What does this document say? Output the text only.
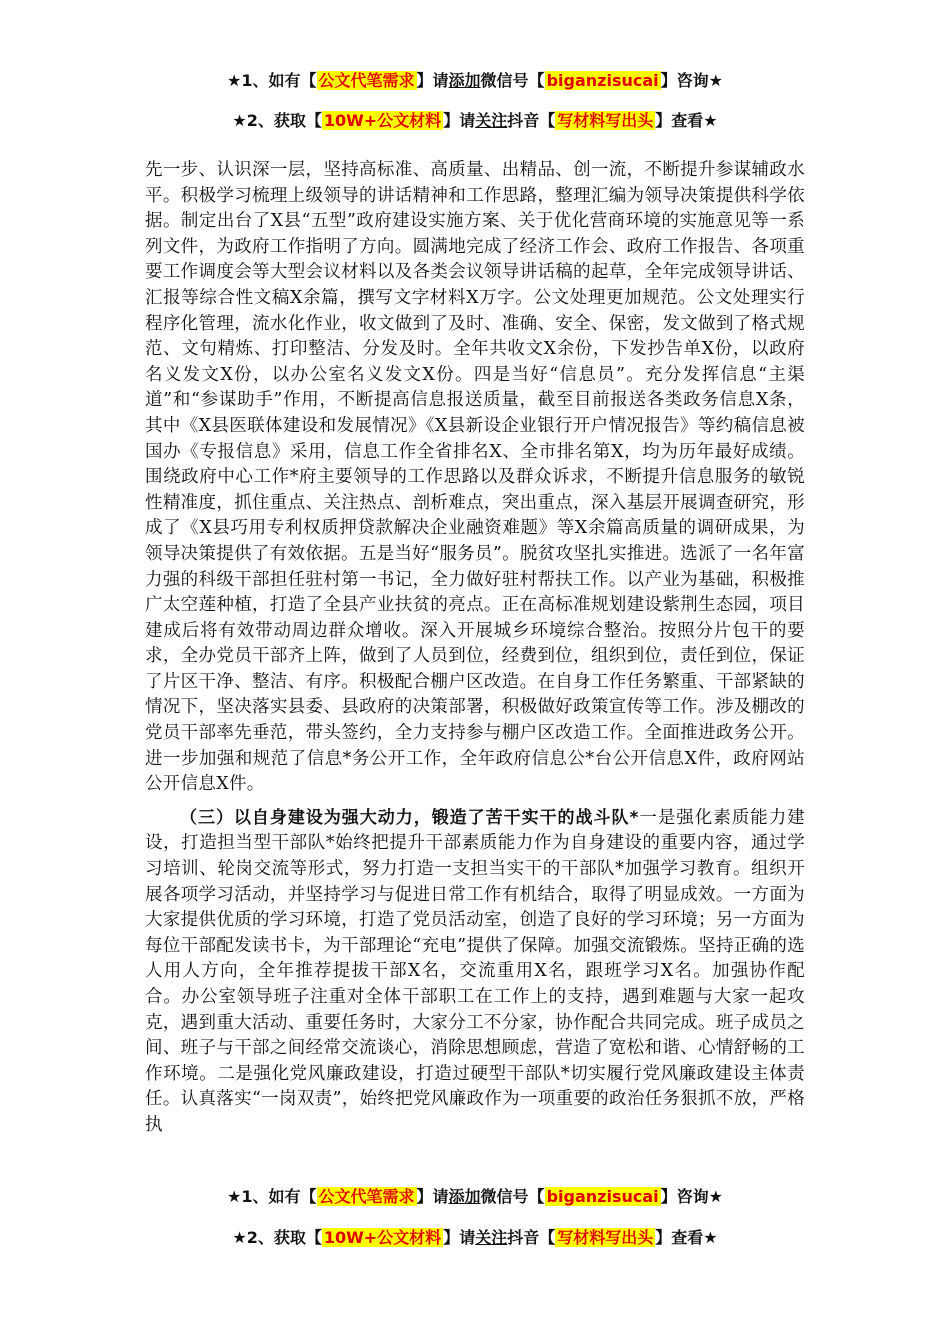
★1、如有【 公文代笔需求 】请添加微信号【 biganzisucai 】咨询★
★2、获取【 10W+公文材料 】请关注抖音【 写材料写出头 】查看★

先一步、认识深一层，坚持高标准、高质量、出精品、创一流，不断提升参谋辅政水平。积极学习梳理上级领导的讲话精神和工作思路，整理汇编为领导决策提供科学依据。制定出台了X县“五型”政府建设实施方案、关于优化营商环境的实施意见等一系列文件，为政府工作指明了方向。圆满地完成了经济工作会、政府工作报告、各项重要工作调度会等大型会议材料以及各类会议领导讲话稿的起草，全年完成领导讲话、汇报等综合性文稿X余篇，撰写文字材料X万字。公文处理更加规范。公文处理实行程序化管理，流水化作业，收文做到了及时、准确、安全、保密，发文做到了格式规范、文句精炼、打印整洁、分发及时。全年共收文X余份，下发抄告单X份，以政府名义发文X份，以办公室名义发文X份。四是当好“信息员”。充分发挥信息“主渠道”和“参谋助手”作用，不断提高信息报送质量，截至目前报送各类政务信息X条，其中《X县医联体建设和发展情况》《X县新设企业银行开户情况报告》等约稿信息被国办《专报信息》采用，信息工作全省排名X、全市排名第X，均为历年最好成绩。围绕政府中心工作*府主要领导的工作思路以及群众诉求，不断提升信息服务的敏锐性精准度，抓住重点、关注热点、剖析难点，突出重点，深入基层开展调查研究，形成了《X县巧用专利权质押贷款解决企业融资难题》等X余篇高质量的调研成果，为领导决策提供了有效依据。五是当好“服务员”。脱贫攻坚扎实推进。选派了一名年富力强的科级干部担任驻村第一书记，全力做好驻村帮扶工作。以产业为基础，积极推广太空莲种植，打造了全县产业扶贫的亮点。正在高标准规划建设紫荆生态园，项目建成后将有效带动周边群众增收。深入开展城乡环境综合整治。按照分片包干的要求，全办党员干部齐上阵，做到了人员到位，经费到位，组织到位，责任到位，保证了片区干净、整洁、有序。积极配合棚户区改造。在自身工作任务繁重、干部紧缺的情况下，坚决落实县委、县政府的决策部署，积极做好政策宣传等工作。涉及棚改的党员干部率先垂范，带头签约，全力支持参与棚户区改造工作。全面推进政务公开。进一步加强和规范了信息*务公开工作，全年政府信息公*台公开信息X件，政府网站公开信息X件。

（三）以自身建设为强大动力，锻造了苦干实干的战斗队*一是强化素质能力建设，打造担当型干部队*始终把提升干部素质能力作为自身建设的重要内容，通过学习培训、轮岗交流等形式，努力打造一支担当实干的干部队*加强学习教育。组织开展各项学习活动，并坚持学习与促进日常工作有机结合，取得了明显成效。一方面为大家提供优质的学习环境，打造了党员活动室，创造了良好的学习环境；另一方面为每位干部配发读书卡，为干部理论“充电”提供了保障。加强交流锻炼。坚持正确的选人用人方向，全年推荐提拔干部X名，交流重用X名，跟班学习X名。加强协作配合。办公室领导班子注重对全体干部职工在工作上的支持，遇到难题与大家一起攻克，遇到重大活动、重要任务时，大家分工不分家，协作配合共同完成。班子成员之间、班子与干部之间经常交流谈心，消除思想顾虑，营造了宽松和谐、心情舒畅的工作环境。二是强化党风廉政建设，打造过硬型干部队*切实履行党风廉政建设主体责任。认真落实“一岗双责”，始终把党风廉政作为一项重要的政治任务狠抓不放，严格执

★1、如有【 公文代笔需求 】请添加微信号【 biganzisucai 】咨询★
★2、获取【 10W+公文材料 】请关注抖音【 写材料写出头 】查看★
